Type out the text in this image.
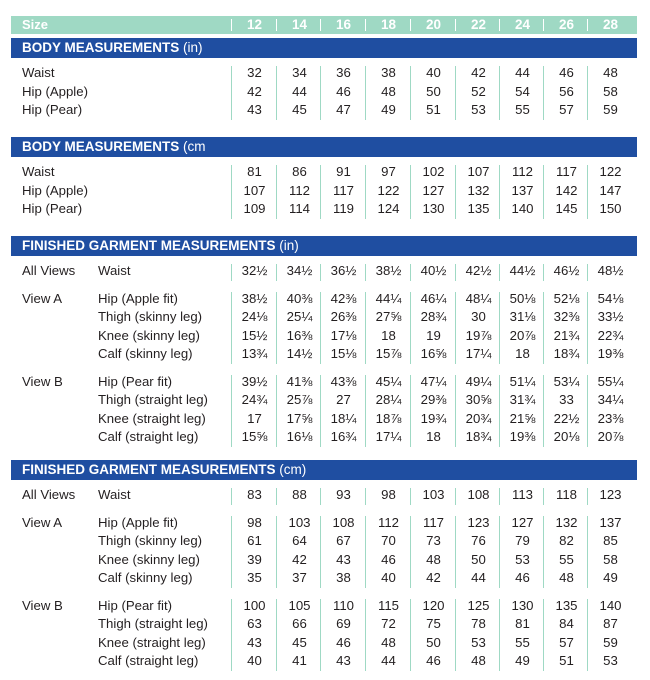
Size	12	14	16	18	20	22	24	26	28
BODY MEASUREMENTS (in)
Waist	32	34	36	38	40	42	44	46	48
Hip (Apple)	42	44	46	48	50	52	54	56	58
Hip (Pear)	43	45	47	49	51	53	55	57	59
BODY MEASUREMENTS (cm
Waist	81	86	91	97	102	107	112	117	122
Hip (Apple)	107	112	117	122	127	132	137	142	147
Hip (Pear)	109	114	119	124	130	135	140	145	150
FINISHED GARMENT MEASUREMENTS (in)
All Views Waist	32½	34½	36½	38½	40½	42½	44½	46½	48½
View A	Hip (Apple fit)	38½	40⅜	42⅜	44¼	46¼	48¼	50⅛	52⅛	54⅛
Thigh (skinny leg)	24⅛	25¼	26⅜	27⅝	28¾	30	31⅛	32⅜	33½
Knee (skinny leg)	15½	16⅜	17⅛	18	19	19⅞	20⅞	21¾	22¾
Calf (skinny leg)	13¾	14½	15⅛	15⅞	16⅝	17¼	18	18¾	19⅜
View B	Hip (Pear fit)	39½	41⅜	43⅜	45¼	47¼	49¼	51¼	53¼	55¼
Thigh (straight leg)	24¾	25⅞	27	28¼	29⅜	30⅝	31¾	33	34¼
Knee (straight leg)	17	17⅝	18¼	18⅞	19¾	20¾	21⅝	22½	23⅜
Calf (straight leg)	15⅝	16⅛	16¾	17¼	18	18¾	19⅜	20⅛	20⅞
FINISHED GARMENT MEASUREMENTS (cm)
All Views Waist	83	88	93	98	103	108	113	118	123
View A	Hip (Apple fit)	98	103	108	112	117	123	127	132	137
Thigh (skinny leg)	61	64	67	70	73	76	79	82	85
Knee (skinny leg)	39	42	43	46	48	50	53	55	58
Calf (skinny leg)	35	37	38	40	42	44	46	48	49
View B	Hip (Pear fit)	100	105	110	115	120	125	130	135	140
Thigh (straight leg)	63	66	69	72	75	78	81	84	87
Knee (straight leg)	43	45	46	48	50	53	55	57	59
Calf (straight leg)	40	41	43	44	46	48	49	51	53
